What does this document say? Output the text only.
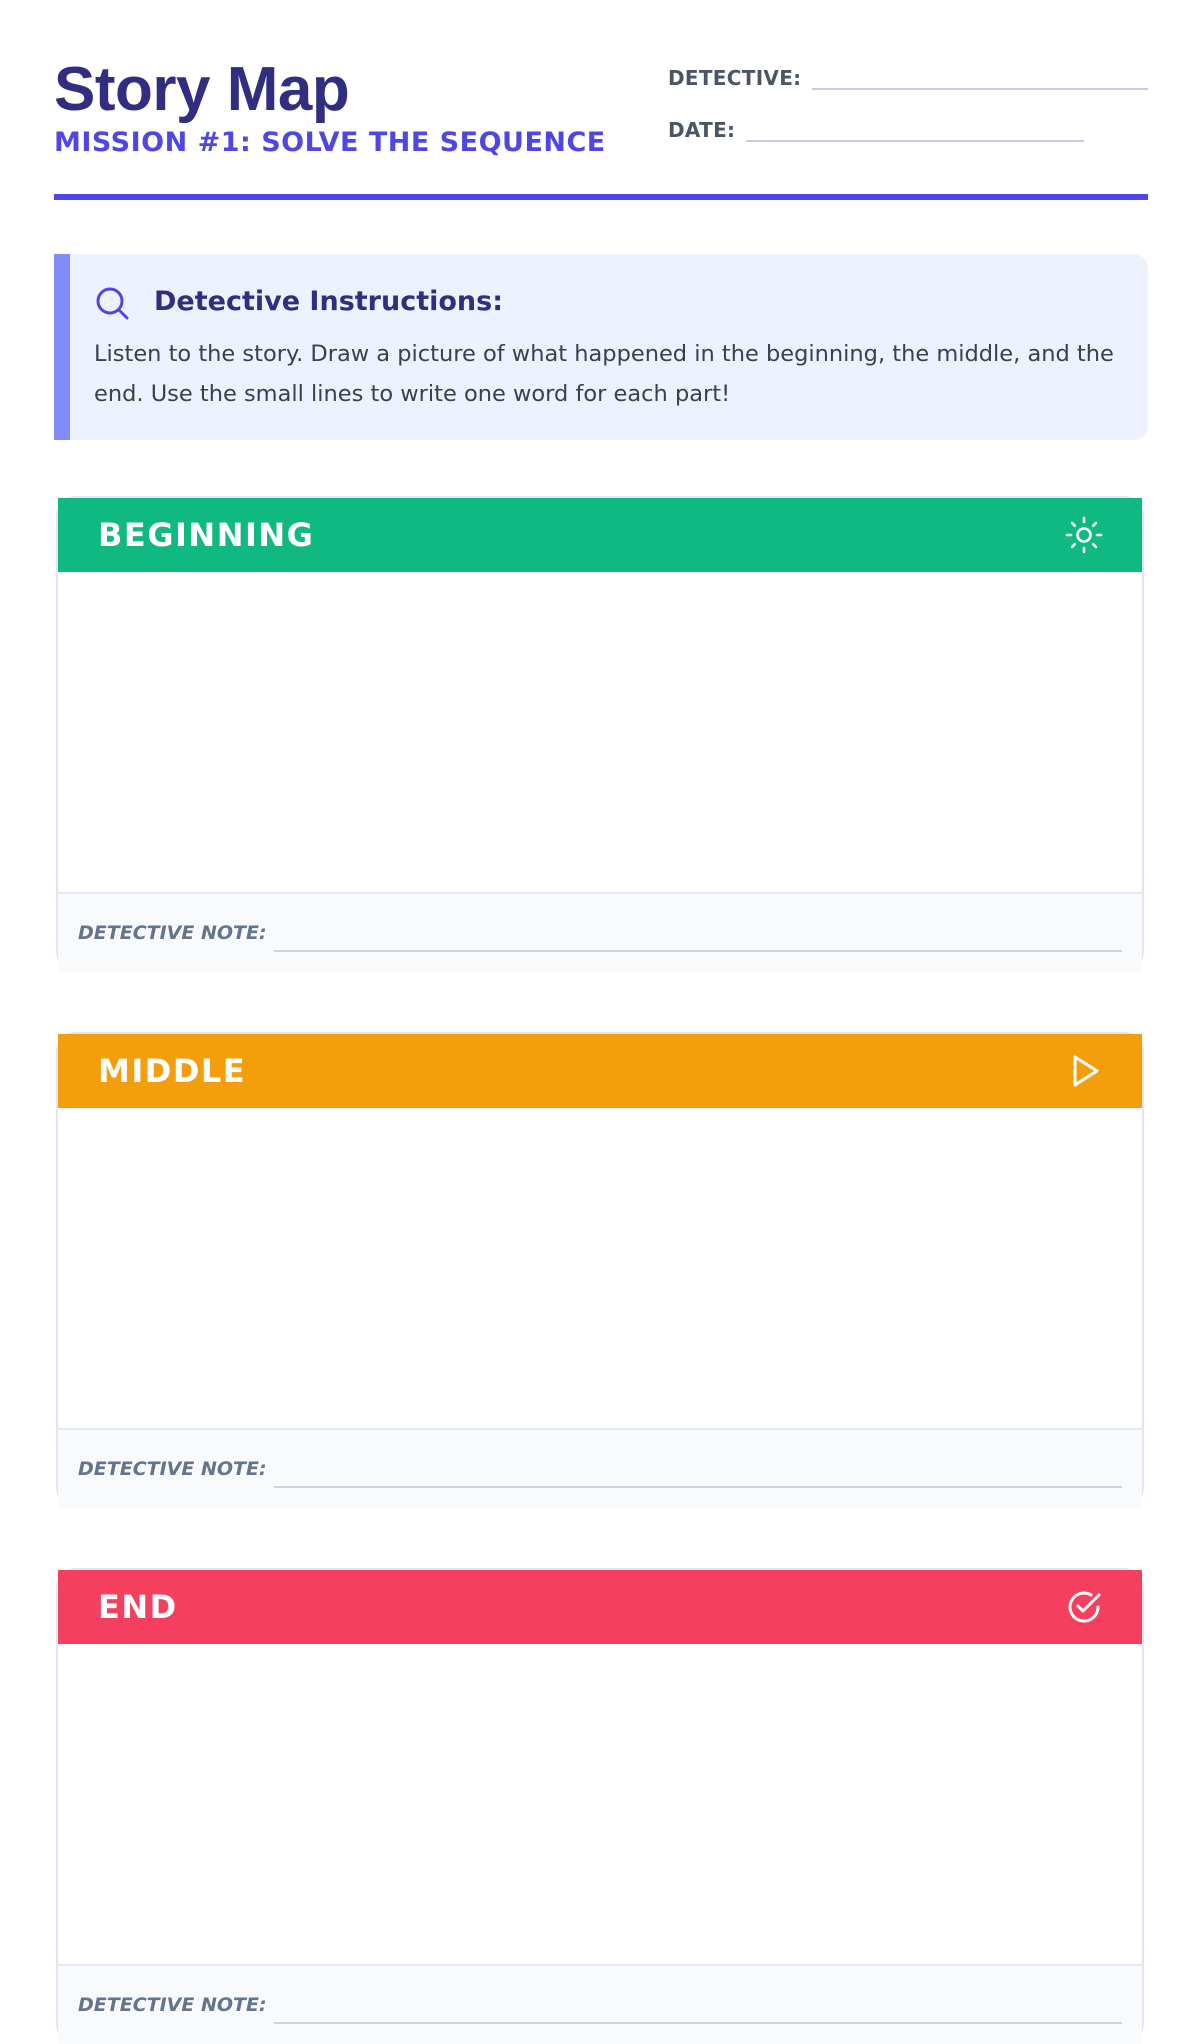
Story Map
MISSION #1: SOLVE THE SEQUENCE
DETECTIVE:
DATE:
Detective Instructions:

Listen to the story. Draw a picture of what happened in the beginning, the middle, and the end. Use the small lines to write one word for each part!

BEGINNING
DETECTIVE NOTE:
MIDDLE
DETECTIVE NOTE:
END
DETECTIVE NOTE:
